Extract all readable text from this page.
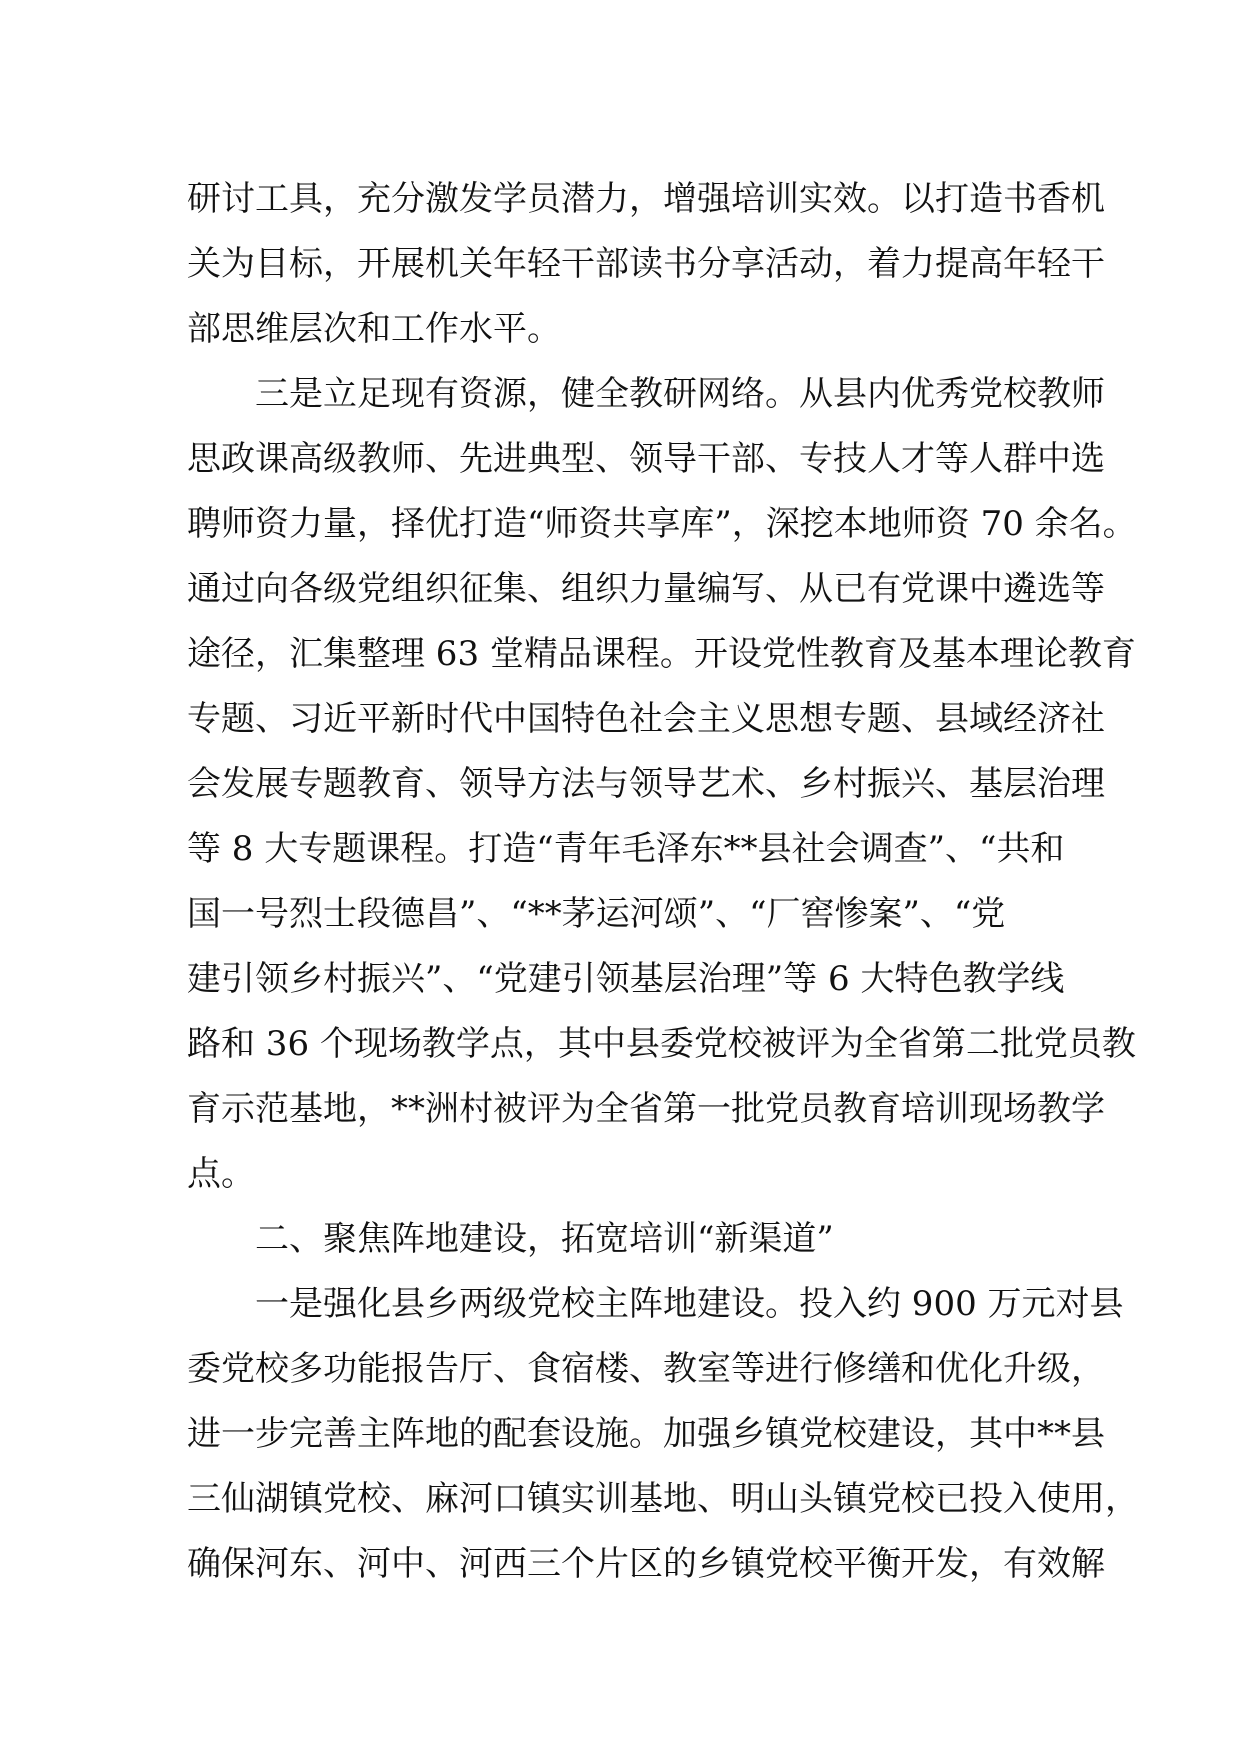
研讨工具，充分激发学员潜力，增强培训实效。以打造书香机
关为目标，开展机关年轻干部读书分享活动，着力提高年轻干
部思维层次和工作水平。
三是立足现有资源，健全教研网络。从县内优秀党校教师
思政课高级教师、先进典型、领导干部、专技人才等人群中选
聘师资力量，择优打造“师资共享库”，深挖本地师资 70 余名。
通过向各级党组织征集、组织力量编写、从已有党课中遴选等
途径，汇集整理 63 堂精品课程。开设党性教育及基本理论教育
专题、习近平新时代中国特色社会主义思想专题、县域经济社
会发展专题教育、领导方法与领导艺术、乡村振兴、基层治理
等 8 大专题课程。打造“青年毛泽东**县社会调查”、“共和
国一号烈士段德昌”、“**茅运河颂”、“厂窖惨案”、“党
建引领乡村振兴”、“党建引领基层治理”等 6 大特色教学线
路和 36 个现场教学点，其中县委党校被评为全省第二批党员教
育示范基地，**洲村被评为全省第一批党员教育培训现场教学
点。
二、聚焦阵地建设，拓宽培训“新渠道”
一是强化县乡两级党校主阵地建设。投入约 900 万元对县
委党校多功能报告厅、食宿楼、教室等进行修缮和优化升级，
进一步完善主阵地的配套设施。加强乡镇党校建设，其中**县
三仙湖镇党校、麻河口镇实训基地、明山头镇党校已投入使用，
确保河东、河中、河西三个片区的乡镇党校平衡开发，有效解
